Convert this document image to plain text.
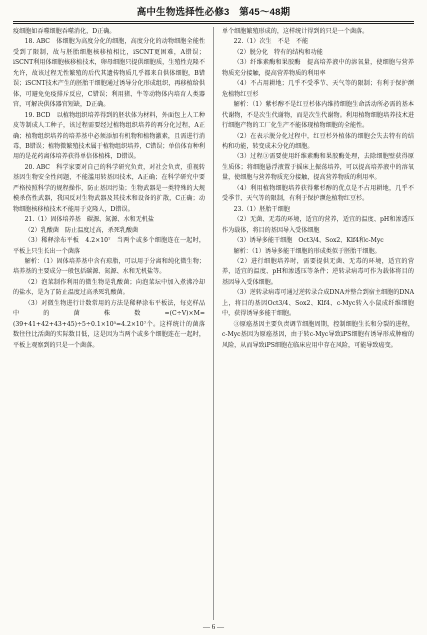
高中生物选择性必修3　第45～48期

疫细胞如吞噬细胞吞噬消化，D正确。

18. ABC　体细胞为高度分化的细胞，高度分化的动物细胞全能性受到了限制，故与胚胎细胞核移植相比，iSCNT更困难，A错误；iSCNT利用体细胞核移植技术，卵母细胞只提供细胞质，生殖性克隆不允许，故该过程无性繁殖的后代其遗传物质几乎都来自供体细胞，B错误；iSCNT技术产生的胚胎干细胞通过诱导分化形成组织，再移植给供体，可避免免疫排斥反应，C错误；利用猪、牛等动物体内培育人类器官，可解决供体器官短缺，D正确。

19. BCD　以植物组织培养得到的胚状体为材料，外面包上人工种皮等制成人工种子，该过程需要经过植物组织培养的再分化过程，A正确；植物组织培养的培养基中必须添加有机物和植物激素，且需进行消毒，B错误；植物微繁殖技术属于植物组织培养，C错误；单倍体育种利用的是花药离体培养获得单倍体植株，D错误。

20. ABC　科学家要对自己的科学研究负责，对社会负责，重视转基因生物安全性问题，不能滥用转基因技术，A正确；在科学研究中要严格按照科学的规程操作，防止基因污染；生物武器是一类特殊的大规模杀伤性武器，我国反对生物武器及其技术和设备的扩散，C正确；动物细胞核移植技术不能用于克隆人，D错误。

21.（1）固体培养基　碳源、氮源、水和无机盐

（2）乳酸菌　防止温度过高，杀死乳酸菌

（3）稀释涂布平板　4.2×10⁷　当两个或多个细胞连在一起时，平板上只生长出一个菌落

解析：（1）固体培养基中含有琼脂，可以用于分离和纯化微生物；培养基的主要成分一般包括碳源、氮源、水和无机盐等。

（2）泡菜制作利用的微生物是乳酸菌；向泡菜坛中加入煮沸冷却的盐水，是为了防止温度过高杀死乳酸菌。

（3）对微生物进行计数常用的方法是稀释涂布平板法，每克样品中的菌株数=(C÷V)×M=(39+41+42+43+45)÷5÷0.1×10⁵=4.2×10⁷个。这样统计的菌落数往往比活菌的实际数目低，这是因为当两个或多个细胞连在一起时，平板上观察到的只是一个菌落。

单个细胞繁殖形成的，这样统计得到的只是一个菌落。

22.（1）次生　不是　不能

（2）脱分化　特有的结构和功能

（3）纤维素酶和果胶酶　提高培养液中的溶氧量，使细胞与营养物质充分接触，提高营养物质的利用率

（4）不占用耕地；几乎不受季节、天气等的限制；有利于保护濒危植物红豆杉

解析：（1）紫杉醇不是红豆杉体内维持细胞生命活动所必需的基本代谢物，不是次生代谢物，而是次生代谢物。利用植物细胞培养技术进行细胞产物的工厂化生产不能体现植物细胞的全能性。

（2）在表示脱分化过程中，红豆杉外植体的细胞会失去特有的结构和功能，转变成未分化的细胞。

（3）过程③需要使用纤维素酶和果胶酶处理，去除细胞壁获得原生质体；将细胞悬浮液置于摇床上振荡培养，可以提高培养液中的溶氧量，使细胞与营养物质充分接触，提高营养物质的利用率。

（4）利用植物细胞培养获得紫杉醇的优点是不占用耕地，几乎不受季节、天气等的限制，有利于保护濒危植物红豆杉。

23.（1）胚胎干细胞

（2）无菌、无毒的环境，适宜的营养，适宜的温度、pH和渗透压　作为载体，将目的基因导入受体细胞

（3）诱导多能干细胞　Oct3/4、Sox2、Klf4和c-Myc

解析：（1）诱导多能干细胞的形成类似于胚胎干细胞。

（2）进行细胞培养时，需要提供无菌、无毒的环境，适宜的营养，适宜的温度、pH和渗透压等条件；逆转录病毒可作为载体将目的基因导入受体细胞。

（3）逆转录病毒可通过逆转录合成DNA并整合到宿主细胞的DNA上，将目的基因Oct3/4、Sox2、Klf4、c-Myc转入小鼠成纤维细胞中，获得诱导多能干细胞。

③原癌基因主要负责调节细胞周期，控制细胞生长和分裂的进程，c-Myc基因为原癌基因，由于转c-Myc导致iPS细胞有诱导形成肿瘤的风险，从而导致iPS细胞在临床应用中存在风险，可能导致癌变。

— 6 —
